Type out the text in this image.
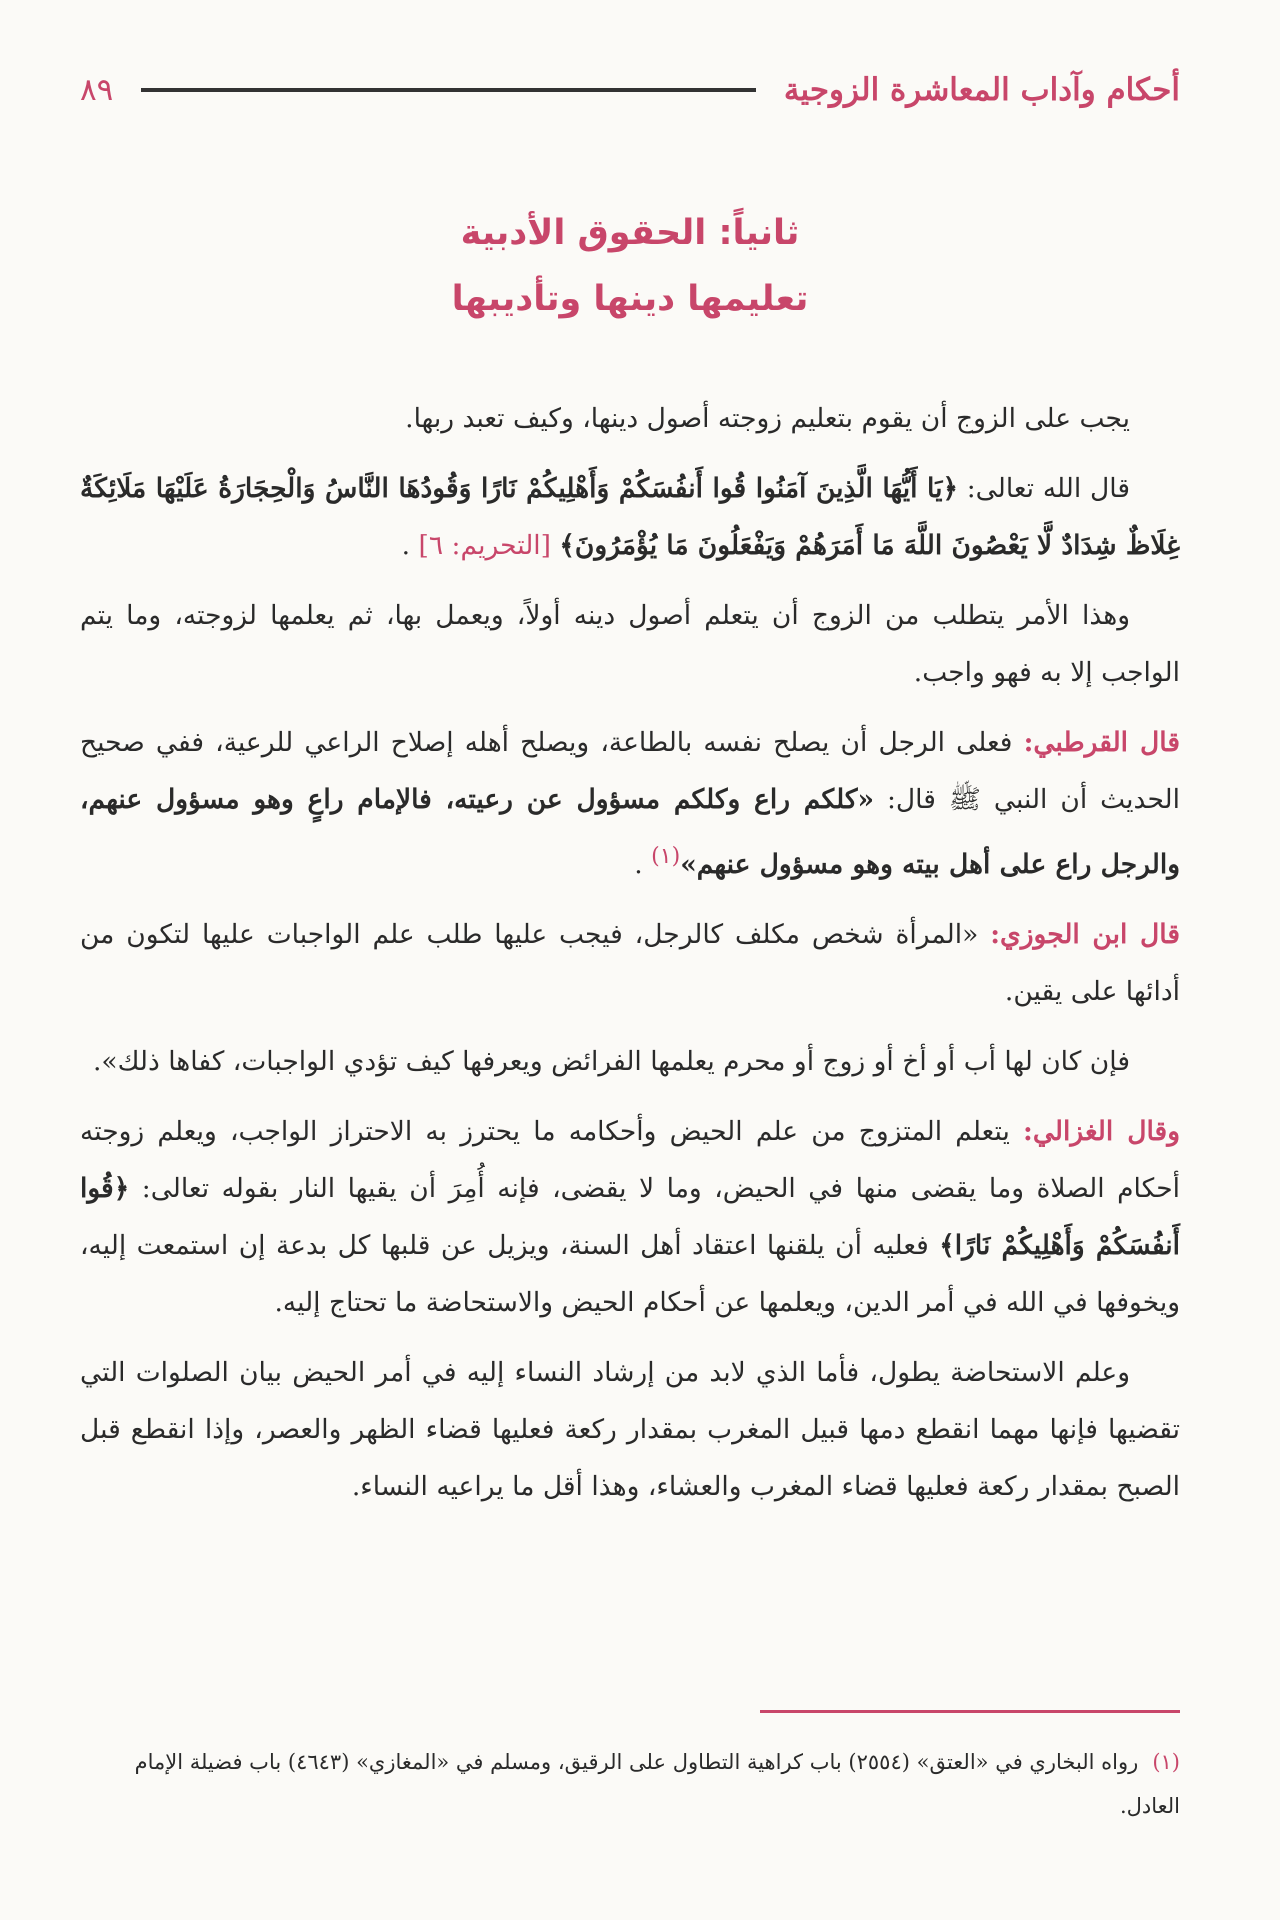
أحكام وآداب المعاشرة الزوجية
٨٩
ثانياً: الحقوق الأدبية
تعليمها دينها وتأديبها

يجب على الزوج أن يقوم بتعليم زوجته أصول دينها، وكيف تعبد ربها.

قال الله تعالى: ﴿يَا أَيُّهَا الَّذِينَ آمَنُوا قُوا أَنفُسَكُمْ وَأَهْلِيكُمْ نَارًا وَقُودُهَا النَّاسُ وَالْحِجَارَةُ عَلَيْهَا مَلَائِكَةٌ غِلَاظٌ شِدَادٌ لَّا يَعْصُونَ اللَّهَ مَا أَمَرَهُمْ وَيَفْعَلُونَ مَا يُؤْمَرُونَ﴾ [التحريم: ٦] .

وهذا الأمر يتطلب من الزوج أن يتعلم أصول دينه أولاً، ويعمل بها، ثم يعلمها لزوجته، وما يتم الواجب إلا به فهو واجب.

قال القرطبي: فعلى الرجل أن يصلح نفسه بالطاعة، ويصلح أهله إصلاح الراعي للرعية، ففي صحيح الحديث أن النبي ﷺ قال: «كلكم راع وكلكم مسؤول عن رعيته، فالإمام راعٍ وهو مسؤول عنهم، والرجل راع على أهل بيته وهو مسؤول عنهم»$^{(١)}$ .

قال ابن الجوزي: «المرأة شخص مكلف كالرجل، فيجب عليها طلب علم الواجبات عليها لتكون من أدائها على يقين.

فإن كان لها أب أو أخ أو زوج أو محرم يعلمها الفرائض ويعرفها كيف تؤدي الواجبات، كفاها ذلك».

وقال الغزالي: يتعلم المتزوج من علم الحيض وأحكامه ما يحترز به الاحتراز الواجب، ويعلم زوجته أحكام الصلاة وما يقضى منها في الحيض، وما لا يقضى، فإنه أُمِرَ أن يقيها النار بقوله تعالى: ﴿قُوا أَنفُسَكُمْ وَأَهْلِيكُمْ نَارًا﴾ فعليه أن يلقنها اعتقاد أهل السنة، ويزيل عن قلبها كل بدعة إن استمعت إليه، ويخوفها في الله في أمر الدين، ويعلمها عن أحكام الحيض والاستحاضة ما تحتاج إليه.

وعلم الاستحاضة يطول، فأما الذي لابد من إرشاد النساء إليه في أمر الحيض بيان الصلوات التي تقضيها فإنها مهما انقطع دمها قبيل المغرب بمقدار ركعة فعليها قضاء الظهر والعصر، وإذا انقطع قبل الصبح بمقدار ركعة فعليها قضاء المغرب والعشاء، وهذا أقل ما يراعيه النساء.

(١)رواه البخاري في «العتق» (٢٥٥٤) باب كراهية التطاول على الرقيق، ومسلم في «المغازي» (٤٦٤٣) باب فضيلة الإمام العادل.
